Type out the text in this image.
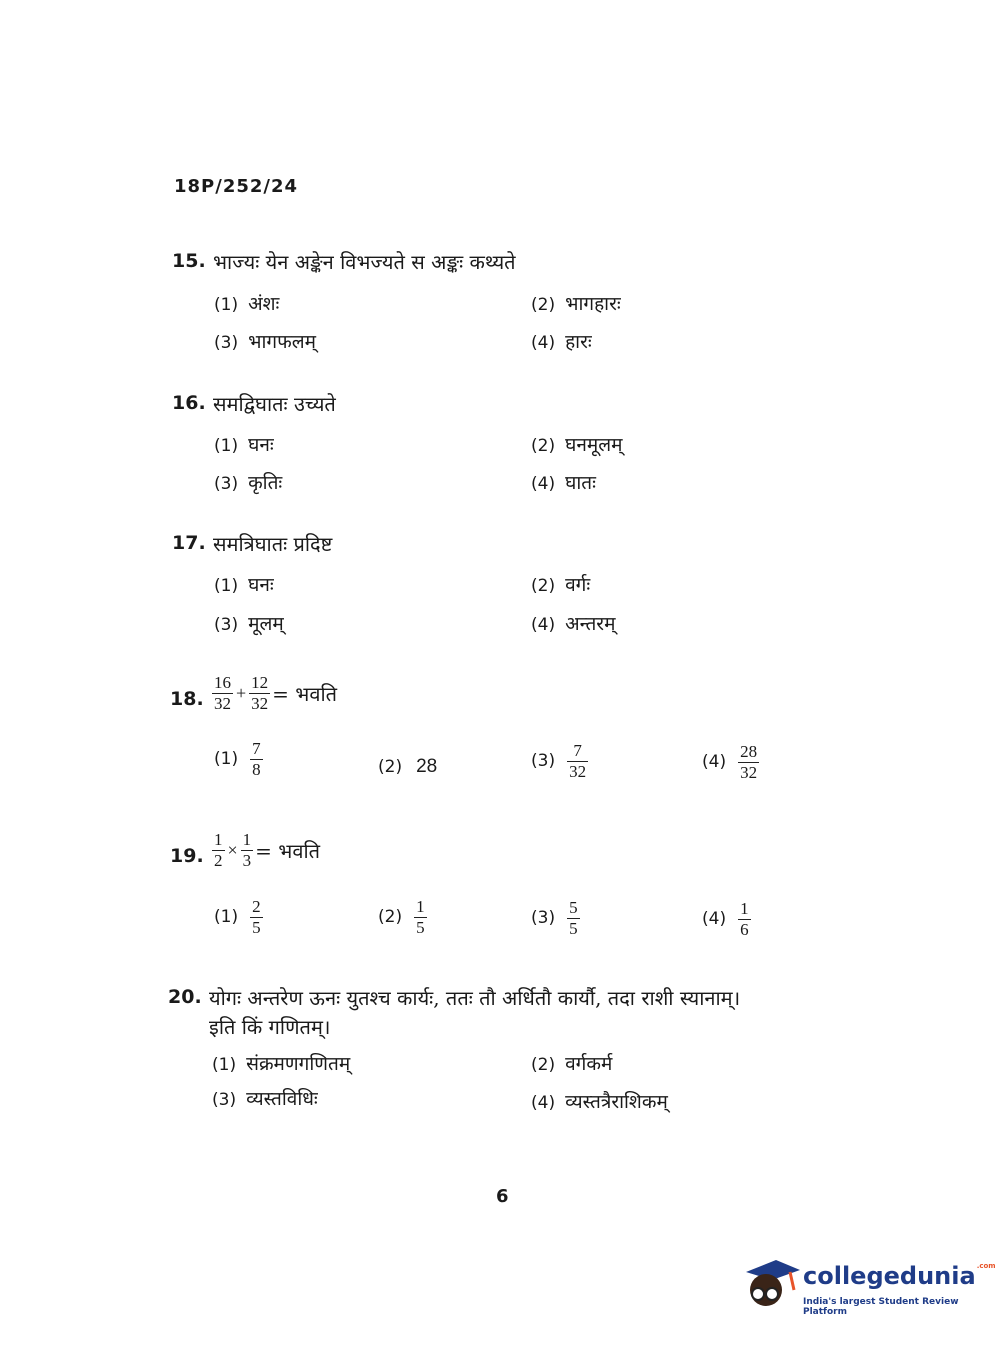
18P/252/24
15. भाज्यः येन अङ्केन विभज्यते स अङ्कः कथ्यते
(1) अंशः	(2) भागहारः
(3) भागफलम्	(4) हारः
16. समद्विघातः उच्यते
(1) घनः	(2) घनमूलम्
(3) कृतिः	(4) घातः
17. समत्रिघातः प्रदिष्ट
(1) घनः	(2) वर्गः
(3) मूलम्	(4) अन्तरम्
18. $\frac{16}{32} + \frac{12}{32}$ = भवति
$(1) \frac{7}{8}$	(2) 28	$(3) \frac{7}{32}$	$(4) \frac{28}{32}$
19. $\frac{1}{2} \times \frac{1}{3}$ = भवति
$(1) \frac{2}{5}$	$(2) \frac{1}{5}$	$(3) \frac{5}{5}$	$(4) \frac{1}{6}$
20. योगः अन्तरेण ऊनः युतश्च कार्यः, ततः तौ अर्धितौ कार्यौ, तदा राशी स्यानाम्।
इति किं गणितम्।
(1) संक्रमणगणितम्	(2) वर्गकर्म
(3) व्यस्तविधिः	(4) व्यस्तत्रैराशिकम्
6
collegedunia$^{.com}$
India's largest Student Review Platform
